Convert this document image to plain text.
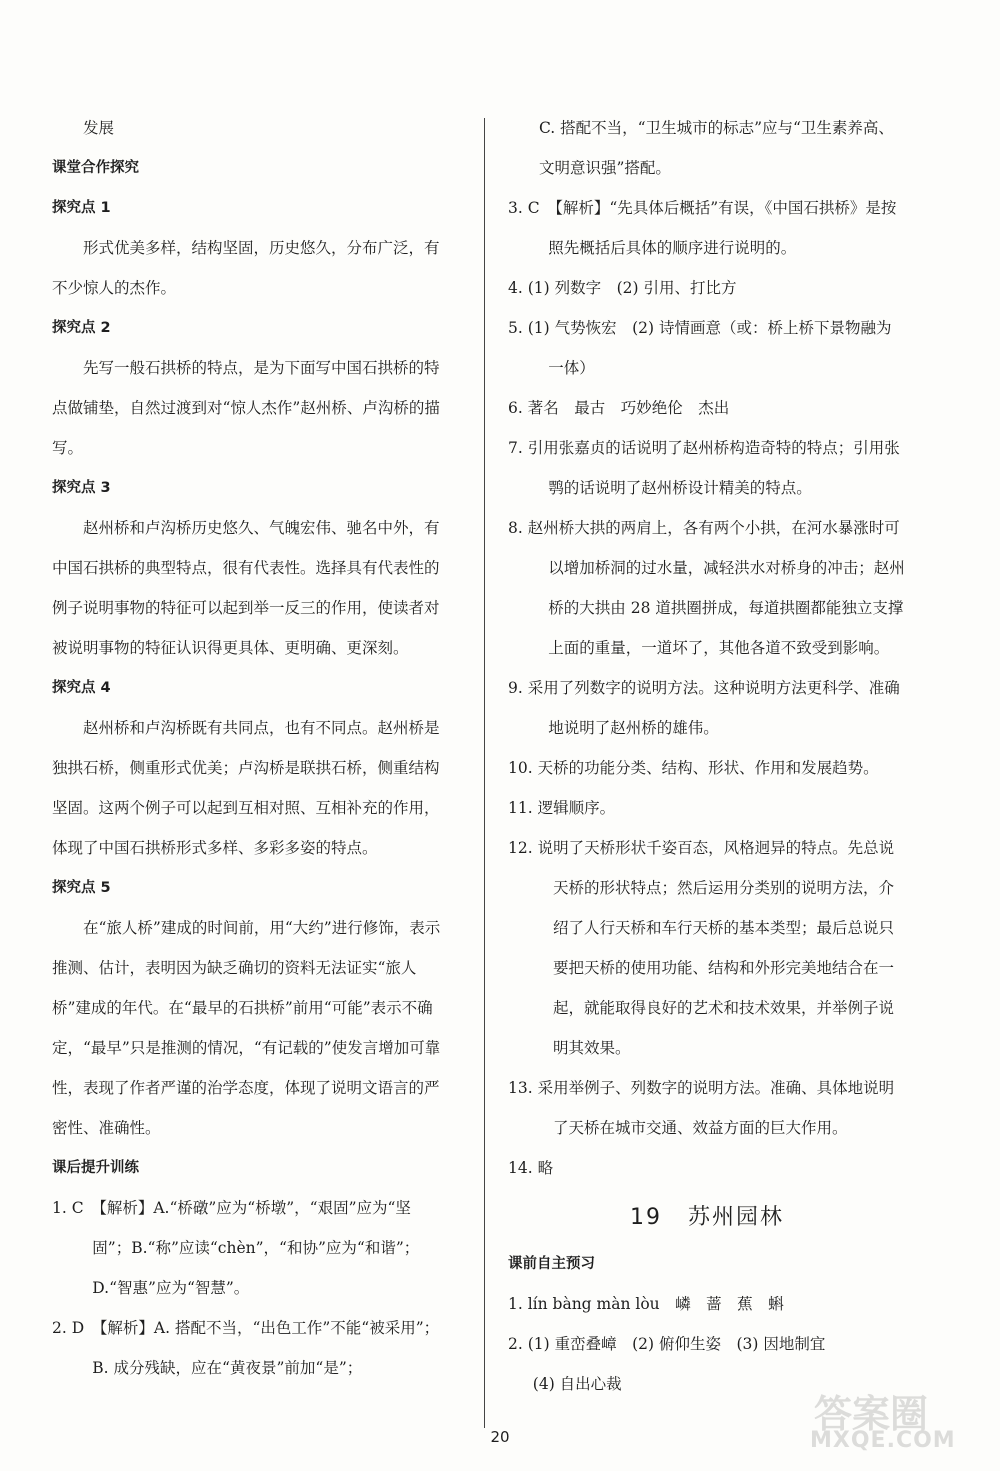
发展

课堂合作探究

探究点 1

形式优美多样，结构坚固，历史悠久，分布广泛，有不少惊人的杰作。

探究点 2

先写一般石拱桥的特点，是为下面写中国石拱桥的特点做铺垫，自然过渡到对“惊人杰作”赵州桥、卢沟桥的描写。

探究点 3

赵州桥和卢沟桥历史悠久、气魄宏伟、驰名中外，有中国石拱桥的典型特点，很有代表性。选择具有代表性的例子说明事物的特征可以起到举一反三的作用，使读者对被说明事物的特征认识得更具体、更明确、更深刻。

探究点 4

赵州桥和卢沟桥既有共同点，也有不同点。赵州桥是独拱石桥，侧重形式优美；卢沟桥是联拱石桥，侧重结构坚固。这两个例子可以起到互相对照、互相补充的作用，体现了中国石拱桥形式多样、多彩多姿的特点。

探究点 5

在“旅人桥”建成的时间前，用“大约”进行修饰，表示推测、估计，表明因为缺乏确切的资料无法证实“旅人桥”建成的年代。在“最早的石拱桥”前用“可能”表示不确定，“最早”只是推测的情况，“有记载的”使发言增加可靠性，表现了作者严谨的治学态度，体现了说明文语言的严密性、准确性。

课后提升训练

1. C　【解析】A.“桥礅”应为“桥墩”，“艰固”应为“坚固”；B.“称”应读“chèn”，“和协”应为“和谐”；D.“智惠”应为“智慧”。

2. D　【解析】A. 搭配不当，“出色工作”不能“被采用”；B. 成分残缺，应在“黄夜景”前加“是”；

C. 搭配不当，“卫生城市的标志”应与“卫生素养高、文明意识强”搭配。

3. C　【解析】“先具体后概括”有误，《中国石拱桥》是按照先概括后具体的顺序进行说明的。

4. (1) 列数字　(2) 引用、打比方

5. (1) 气势恢宏　(2) 诗情画意（或：桥上桥下景物融为一体）

6. 著名　最古　巧妙绝伦　杰出

7. 引用张嘉贞的话说明了赵州桥构造奇特的特点；引用张鹗的话说明了赵州桥设计精美的特点。

8. 赵州桥大拱的两肩上，各有两个小拱，在河水暴涨时可以增加桥洞的过水量，减轻洪水对桥身的冲击；赵州桥的大拱由 28 道拱圈拼成，每道拱圈都能独立支撑上面的重量，一道坏了，其他各道不致受到影响。

9. 采用了列数字的说明方法。这种说明方法更科学、准确地说明了赵州桥的雄伟。

10. 天桥的功能分类、结构、形状、作用和发展趋势。

11. 逻辑顺序。

12. 说明了天桥形状千姿百态，风格迥异的特点。先总说天桥的形状特点；然后运用分类别的说明方法，介绍了人行天桥和车行天桥的基本类型；最后总说只要把天桥的使用功能、结构和外形完美地结合在一起，就能取得良好的艺术和技术效果，并举例子说明其效果。

13. 采用举例子、列数字的说明方法。准确、具体地说明了天桥在城市交通、效益方面的巨大作用。

14. 略

19 苏州园林

课前自主预习

1. lín bàng màn lòu　嶙　蔷　蕉　蝌

2. (1) 重峦叠嶂　(2) 俯仰生姿　(3) 因地制宜

(4) 自出心裁

20
答案圈
MXQE.COM
